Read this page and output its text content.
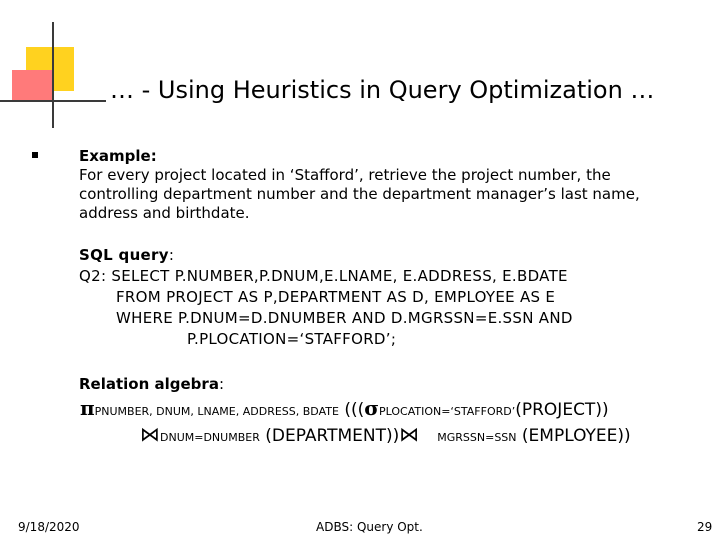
… - Using Heuristics in Query Optimization …
Example:
For every project located in ‘Stafford’, retrieve the project number, the
controlling department number and the department manager’s last name,
address and birthdate.
SQL query:
Q2: SELECT P.NUMBER,P.DNUM,E.LNAME, E.ADDRESS, E.BDATE
FROM PROJECT AS P,DEPARTMENT AS D, EMPLOYEE AS E
WHERE P.DNUM=D.DNUMBER AND D.MGRSSN=E.SSN AND
P.PLOCATION=‘STAFFORD’;
Relation algebra:
πPNUMBER, DNUM, LNAME, ADDRESS, BDATE (((σPLOCATION=‘STAFFORD’(PROJECT))
⋈DNUM=DNUMBER (DEPARTMENT))⋈ MGRSSN=SSN (EMPLOYEE))
9/18/2020	ADBS: Query Opt.	29
